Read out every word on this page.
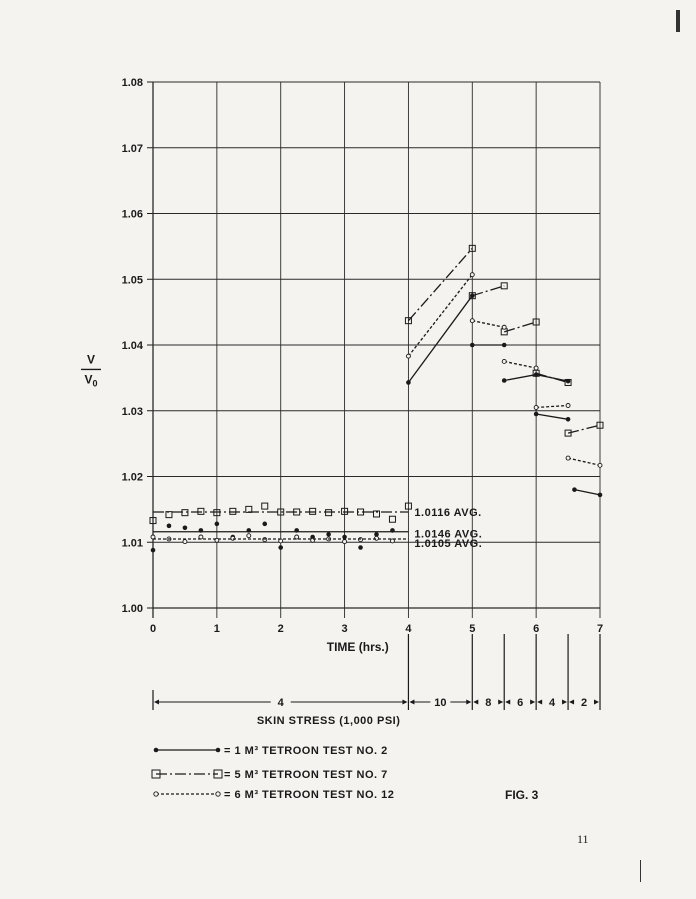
1.00
1.01
1.02
1.03
1.04
1.05
1.06
1.07
1.08
0	1	2	3	4	5	6	7
V
$V_0$
TIME (hrs.)
1.0116 AVG.
1.0146 AVG.
1.0105 AVG.
4	10	8 6 4 2
SKIN STRESS (1,000 PSI)
= 1 M³ TETROON TEST NO. 2
= 5 M³ TETROON TEST NO. 7
= 6 M³ TETROON TEST NO. 12	FIG. 3
11
